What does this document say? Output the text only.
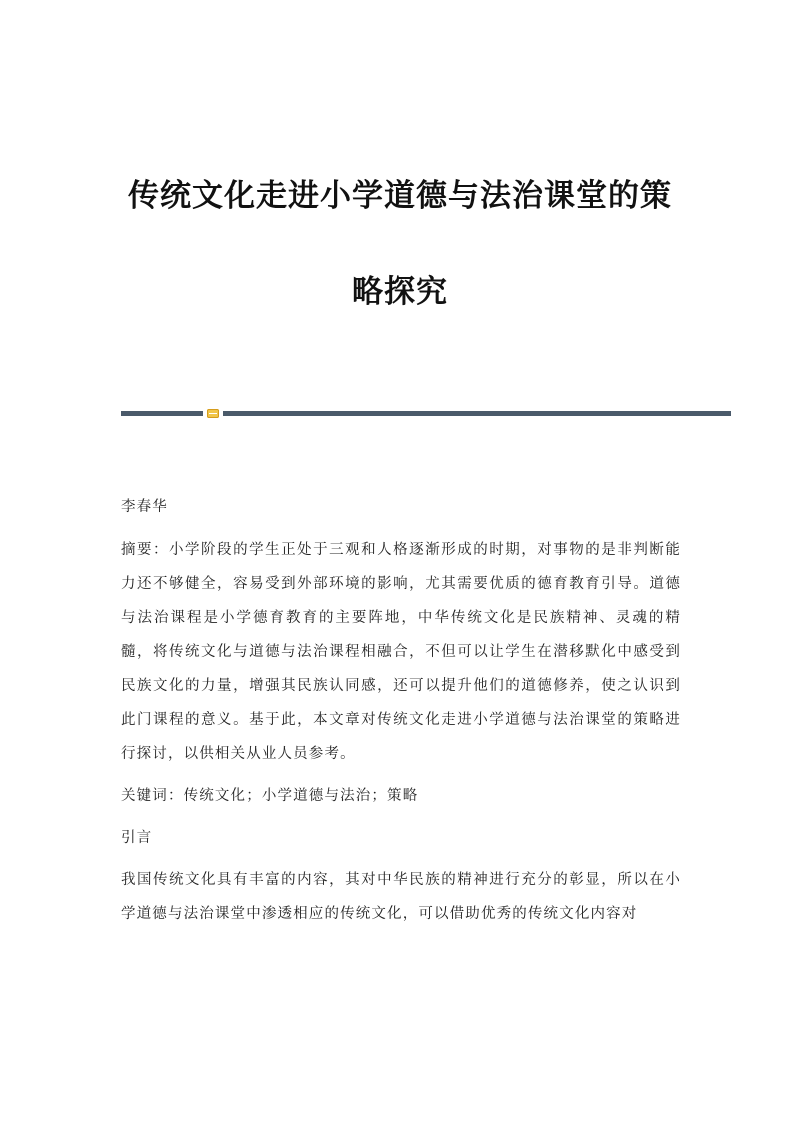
传统文化走进小学道德与法治课堂的策
略探究

李春华

摘要：小学阶段的学生正处于三观和人格逐渐形成的时期，对事物的是非判断能力还不够健全，容易受到外部环境的影响，尤其需要优质的德育教育引导。道德与法治课程是小学德育教育的主要阵地，中华传统文化是民族精神、灵魂的精髓，将传统文化与道德与法治课程相融合，不但可以让学生在潜移默化中感受到民族文化的力量，增强其民族认同感，还可以提升他们的道德修养，使之认识到此门课程的意义。基于此，本文章对传统文化走进小学道德与法治课堂的策略进行探讨，以供相关从业人员参考。

关键词：传统文化；小学道德与法治；策略

引言

我国传统文化具有丰富的内容，其对中华民族的精神进行充分的彰显，所以在小学道德与法治课堂中渗透相应的传统文化，可以借助优秀的传统文化内容对
